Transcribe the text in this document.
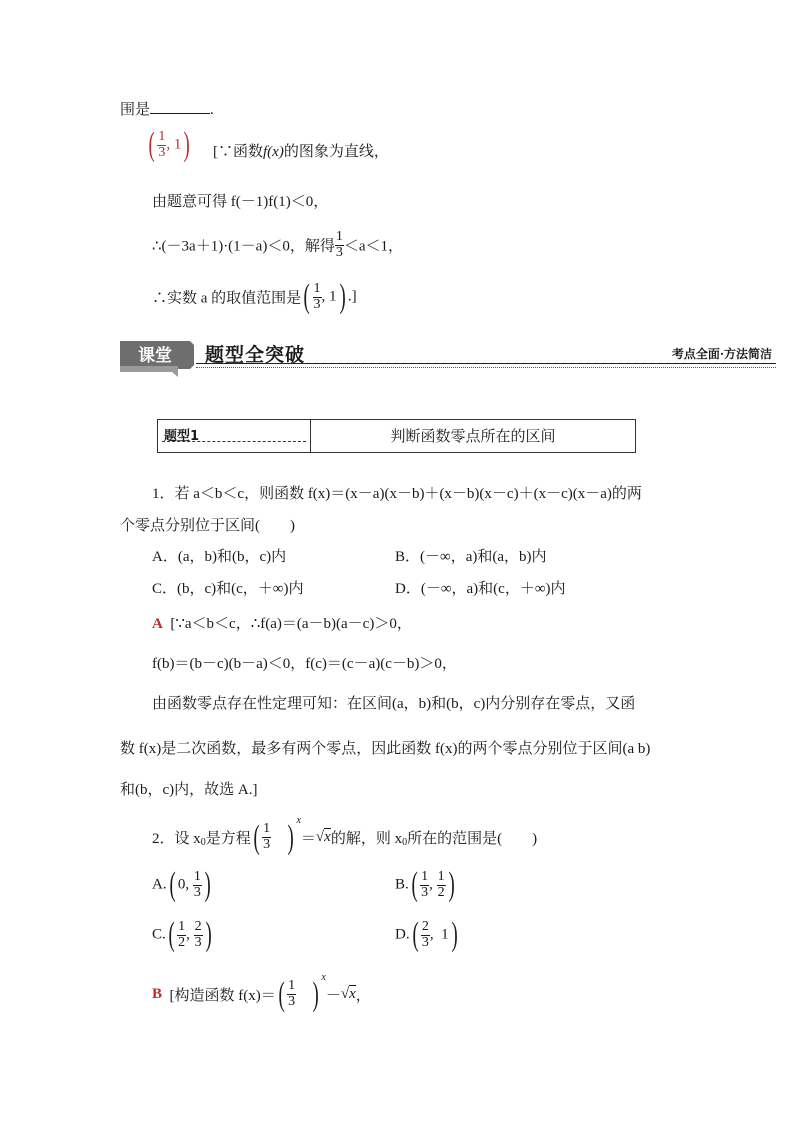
围是	.
( $\frac{1}{3}$ , 1) [∵函数f(x)的图象为直线，
由题意可得 f(－1)f(1)＜0，
∴(－3a＋1)·(1－a)＜0，解得 $\frac{1}{3} <a<1$，
∴实数 a 的取值范围是( $\frac{1}{3}$ , 1) .]
课堂
KETANG
题型全突破	考点全面·方法简洁
题型1	判断函数零点所在的区间
1．若 a＜b＜c，则函数 f(x)＝(x－a)(x－b)＋(x－b)(x－c)＋(x－c)(x－a)的两
个零点分别位于区间(　　)
A．(a，b)和(b，c)内	B．(－∞，a)和(a，b)内
C．(b，c)和(c，＋∞)内	D．(－∞，a)和(c，＋∞)内
A [∵a＜b＜c，∴f(a)＝(a－b)(a－c)＞0，
f(b)＝(b－c)(b－a)＜0，f(c)＝(c－a)(c－b)＞0，
由函数零点存在性定理可知：在区间(a，b)和(b，c)内分别存在零点，又函
数 f(x)是二次函数，最多有两个零点，因此函数 f(x)的两个零点分别位于区间(a b)
和(b，c)内，故选 A.]
2．设 $x_0$是方程( $\frac{1}{3}$ ) $^x$＝√x的解，则 $x_0$所在的范围是(　　)
A.( 0, $\frac{1}{3}$ )	$B.( \frac{1}{3}$ , $\frac{1}{2}$ )
$C.( \frac{1}{2}$ , $\frac{2}{3}$ )	$D.( \frac{2}{3}$ ,  1)
B [构造函数 $f(x)=( \frac{1}{3}$ ) $^x$－√x，
